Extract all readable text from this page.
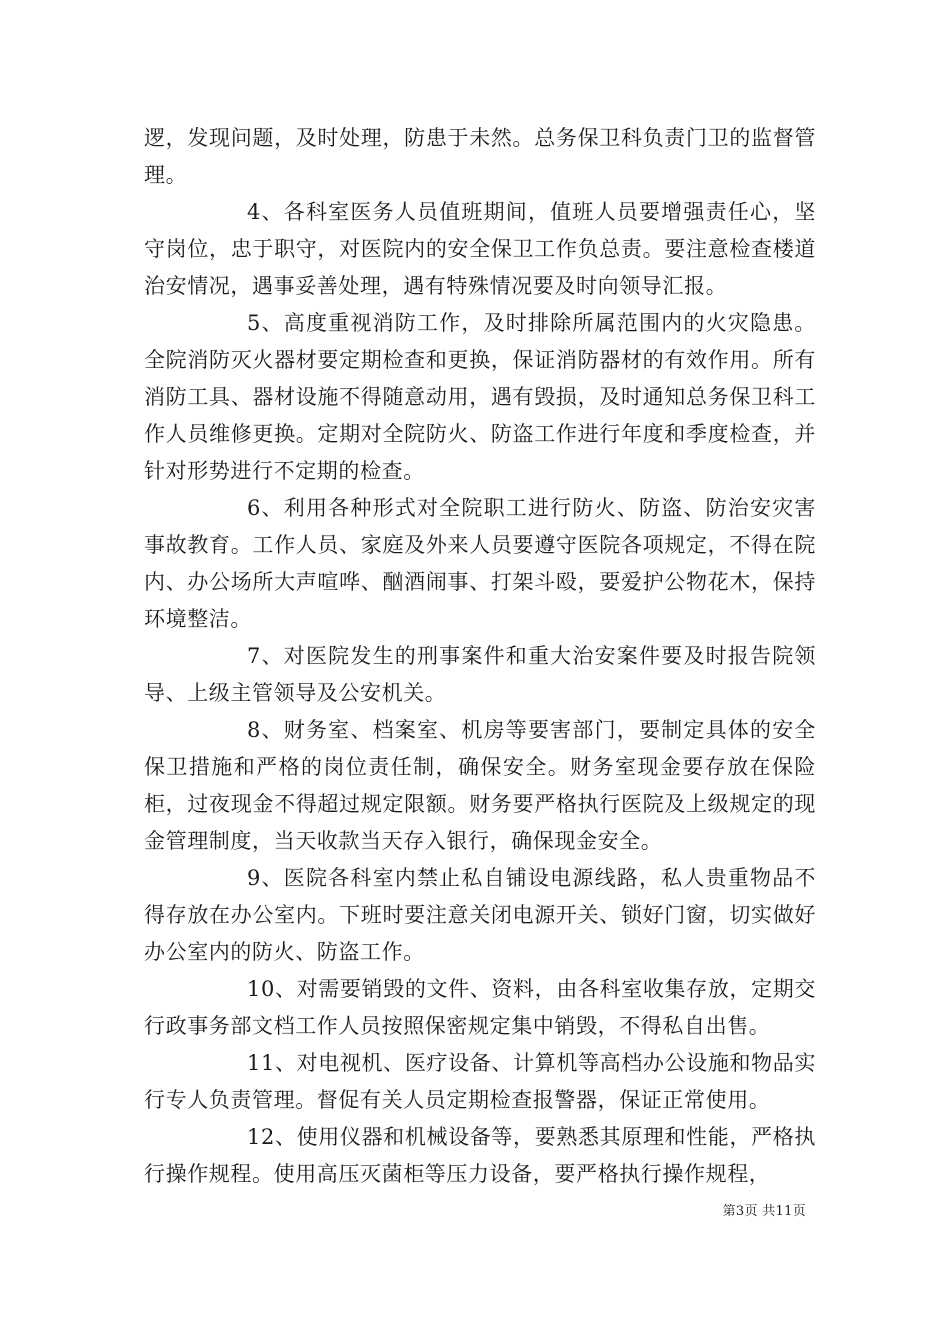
逻，发现问题，及时处理，防患于未然。总务保卫科负责门卫的监督管理。

4、各科室医务人员值班期间，值班人员要增强责任心，坚守岗位，忠于职守，对医院内的安全保卫工作负总责。要注意检查楼道治安情况，遇事妥善处理，遇有特殊情况要及时向领导汇报。

5、高度重视消防工作，及时排除所属范围内的火灾隐患。全院消防灭火器材要定期检查和更换，保证消防器材的有效作用。所有消防工具、器材设施不得随意动用，遇有毁损，及时通知总务保卫科工作人员维修更换。定期对全院防火、防盗工作进行年度和季度检查，并针对形势进行不定期的检查。

6、利用各种形式对全院职工进行防火、防盗、防治安灾害事故教育。工作人员、家庭及外来人员要遵守医院各项规定，不得在院内、办公场所大声喧哗、酗酒闹事、打架斗殴，要爱护公物花木，保持环境整洁。

7、对医院发生的刑事案件和重大治安案件要及时报告院领导、上级主管领导及公安机关。

8、财务室、档案室、机房等要害部门，要制定具体的安全保卫措施和严格的岗位责任制，确保安全。财务室现金要存放在保险柜，过夜现金不得超过规定限额。财务要严格执行医院及上级规定的现金管理制度，当天收款当天存入银行，确保现金安全。

9、医院各科室内禁止私自铺设电源线路，私人贵重物品不得存放在办公室内。下班时要注意关闭电源开关、锁好门窗，切实做好办公室内的防火、防盗工作。

10、对需要销毁的文件、资料，由各科室收集存放，定期交行政事务部文档工作人员按照保密规定集中销毁，不得私自出售。

11、对电视机、医疗设备、计算机等高档办公设施和物品实行专人负责管理。督促有关人员定期检查报警器，保证正常使用。

12、使用仪器和机械设备等，要熟悉其原理和性能，严格执行操作规程。使用高压灭菌柜等压力设备，要严格执行操作规程，

第3页 共11页
